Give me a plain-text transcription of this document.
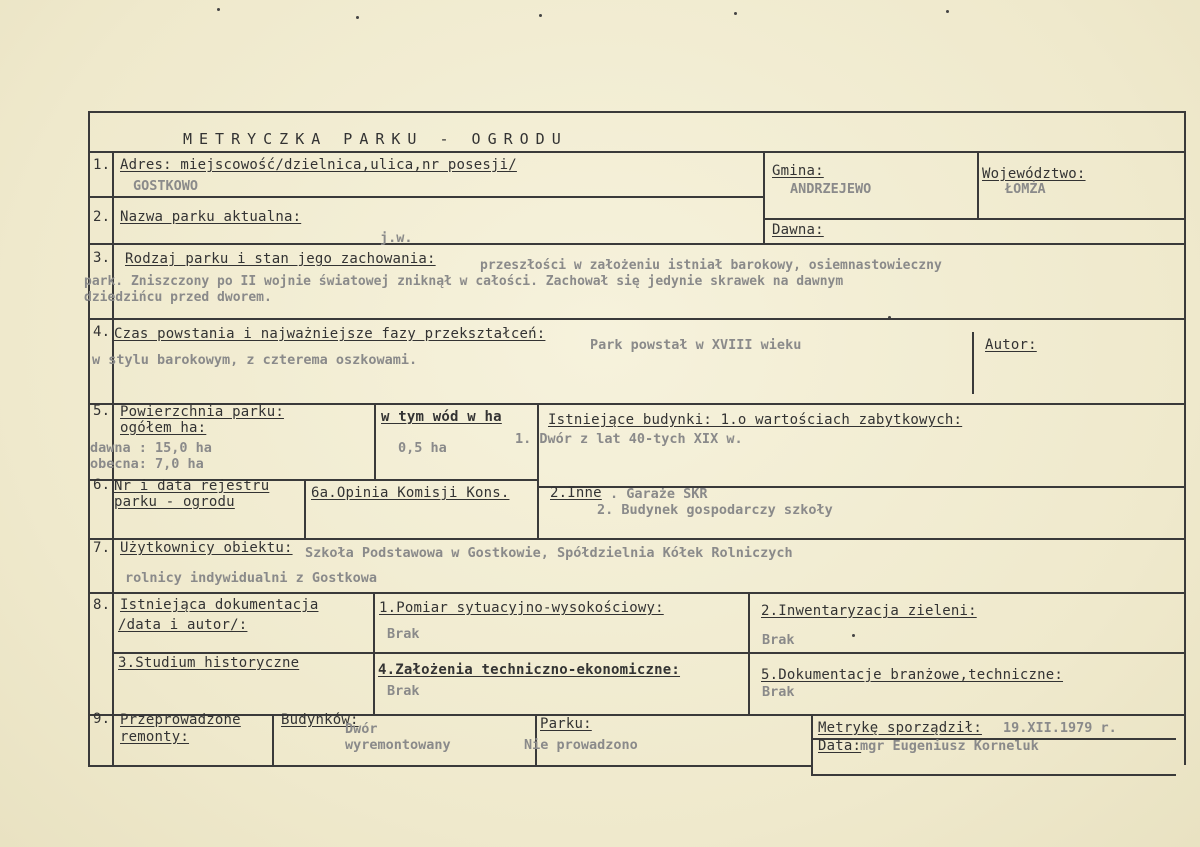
METRYCZKA PARKU - OGRODU
1. Adres: miejscowość/dzielnica,ulica,nr posesji/
GOSTKOWO
Gmina:
ANDRZEJEWO
Województwo:
ŁOMŻA
2. Nazwa parku aktualna:
j.w.	Dawna:
3. Rodzaj parku i stan jego zachowania:	przeszłości w założeniu istniał barokowy, osiemnastowieczny
park. Zniszczony po II wojnie światowej zniknął w całości. Zachował się jedynie skrawek na dawnym
dziedzińcu przed dworem.
4. Czas powstania i najważniejsze fazy przekształceń:
Park powstał w XVIII wieku
w stylu barokowym, z czterema oszkowami.
Autor:
5. Powierzchnia parku:
ogółem ha:
dawna : 15,0 ha
obecna: 7,0 ha
w tym wód w ha
0,5 ha
Istniejące budynki: 1.o wartościach zabytkowych:
1. Dwór z lat 40-tych XIX w.
6. Nr i data rejestru
parku - ogrodu
6a.Opinia Komisji Kons.	2.Inne . Garaże SKR
2. Budynek gospodarczy szkoły
7. Użytkownicy obiektu: Szkoła Podstawowa w Gostkowie, Spółdzielnia Kółek Rolniczych
rolnicy indywidualni z Gostkowa
8. Istniejąca dokumentacja
/data i autor/:
1.Pomiar sytuacyjno-wysokościowy:
Brak
2.Inwentaryzacja zieleni:
Brak
3.Studium historyczne	4.Założenia techniczno-ekonomiczne:
Brak
5.Dokumentacje branżowe,techniczne:
Brak
9. Przeprowadzone
remonty:
Budynków:
Dwór
wyremontowany
Parku:
Nie prowadzono
Metrykę sporządził: 19.XII.1979 r.
Data:
mgr Eugeniusz Korneluk
